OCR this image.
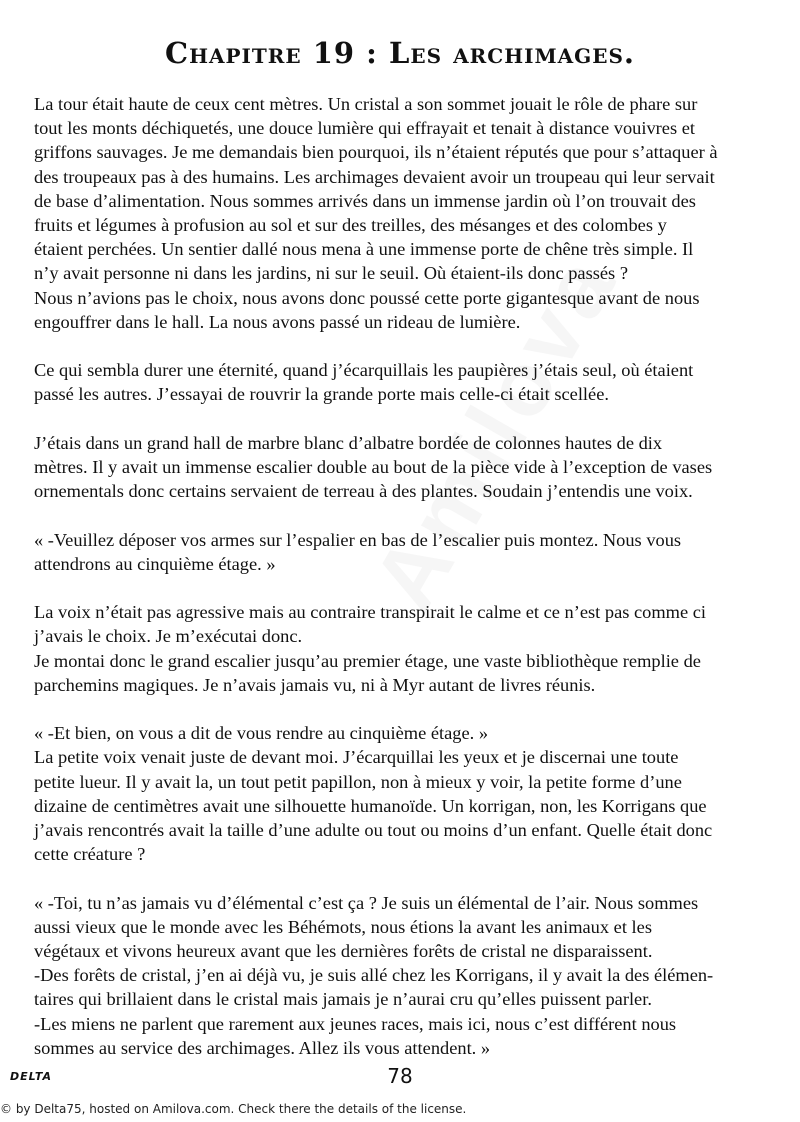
Chapitre 19 : Les archimages.
La tour était haute de ceux cent mètres. Un cristal a son sommet jouait le rôle de phare sur
tout les monts déchiquetés, une douce lumière qui effrayait et tenait à distance vouivres et
griffons sauvages. Je me demandais bien pourquoi, ils n’étaient réputés que pour s’attaquer à
des troupeaux pas à des humains. Les archimages devaient avoir un troupeau qui leur servait
de base d’alimentation. Nous sommes arrivés dans un immense jardin où l’on trouvait des
fruits et légumes à profusion au sol et sur des treilles, des mésanges et des colombes y
étaient perchées. Un sentier dallé nous mena à une immense porte de chêne très simple. Il
n’y avait personne ni dans les jardins, ni sur le seuil. Où étaient-ils donc passés ?
Nous n’avions pas le choix, nous avons donc poussé cette porte gigantesque avant de nous
engouffrer dans le hall. La nous avons passé un rideau de lumière.
Ce qui sembla durer une éternité, quand j’écarquillais les paupières j’étais seul, où étaient
passé les autres. J’essayai de rouvrir la grande porte mais celle-ci était scellée.
J’étais dans un grand hall de marbre blanc d’albatre bordée de colonnes hautes de dix
mètres. Il y avait un immense escalier double au bout de la pièce vide à l’exception de vases
ornementals donc certains servaient de terreau à des plantes. Soudain j’entendis une voix.
« -Veuillez déposer vos armes sur l’espalier en bas de l’escalier puis montez. Nous vous
attendrons au cinquième étage. »
La voix n’était pas agressive mais au contraire transpirait le calme et ce n’est pas comme ci
j’avais le choix. Je m’exécutai donc.
Je montai donc le grand escalier jusqu’au premier étage, une vaste bibliothèque remplie de
parchemins magiques. Je n’avais jamais vu, ni à Myr autant de livres réunis.
« -Et bien, on vous a dit de vous rendre au cinquième étage. »
La petite voix venait juste de devant moi. J’écarquillai les yeux et je discernai une toute
petite lueur. Il y avait la, un tout petit papillon, non à mieux y voir, la petite forme d’une
dizaine de centimètres avait une silhouette humanoïde. Un korrigan, non, les Korrigans que
j’avais rencontrés avait la taille d’une adulte ou tout ou moins d’un enfant. Quelle était donc
cette créature ?
« -Toi, tu n’as jamais vu d’élémental c’est ça ? Je suis un élémental de l’air. Nous sommes
aussi vieux que le monde avec les Béhémots, nous étions la avant les animaux et les
végétaux et vivons heureux avant que les dernières forêts de cristal ne disparaissent.
-Des forêts de cristal, j’en ai déjà vu, je suis allé chez les Korrigans, il y avait la des élémen-
taires qui brillaient dans le cristal mais jamais je n’aurai cru qu’elles puissent parler.
-Les miens ne parlent que rarement aux jeunes races, mais ici, nous c’est différent nous
sommes au service des archimages. Allez ils vous attendent. »
DELTA	78
© by Delta75, hosted on Amilova.com. Check there the details of the license.
